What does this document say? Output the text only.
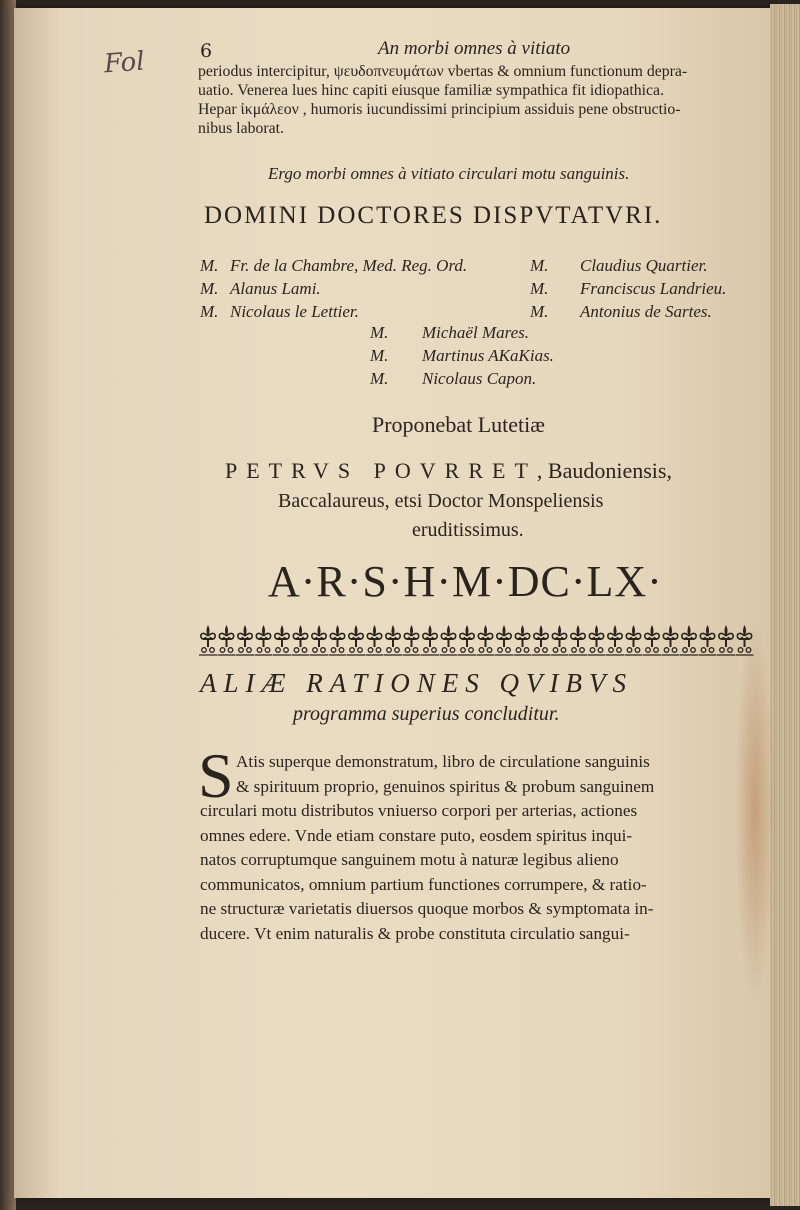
Fol	6	An morbi omnes à vitiato
periodus intercipitur, ψευδοπνευμάτων vbertas & omnium functionum depra-
uatio. Venerea lues hinc capiti eiusque familiæ sympathica fit idiopathica.
Hepar ἰκμάλεον , humoris iucundissimi principium assiduis pene obstructio-
nibus laborat.
Ergo morbi omnes à vitiato circulari motu sanguinis.
DOMINI DOCTORES DISPVTATVRI.
M. Fr. de la Chambre, Med. Reg. Ord.
M. Alanus Lami.
M. Nicolaus le Lettier.
M. Claudius Quartier.
M. Franciscus Landrieu.
M. Antonius de Sartes.
M. Michaël Mares.
M. Martinus AKaKias.
M. Nicolaus Capon.
Proponebat Lutetiæ
PETRVS POVRRET, Baudoniensis,
Baccalaureus, etsi Doctor Monspeliensis
eruditissimus.
A·R·S·H·M·DC·LX·
ALIÆ RATIONES QVIBVS
programma superius concluditur.
S Atis superque demonstratum, libro de circulatione sanguinis
& spirituum proprio, genuinos spiritus & probum sanguinem
circulari motu distributos vniuerso corpori per arterias, actiones
omnes edere. Vnde etiam constare puto, eosdem spiritus inqui-
natos corruptumque sanguinem motu à naturæ legibus alieno
communicatos, omnium partium functiones corrumpere, & ratio-
ne structuræ varietatis diuersos quoque morbos & symptomata in-
ducere. Vt enim naturalis & probe constituta circulatio sangui-
